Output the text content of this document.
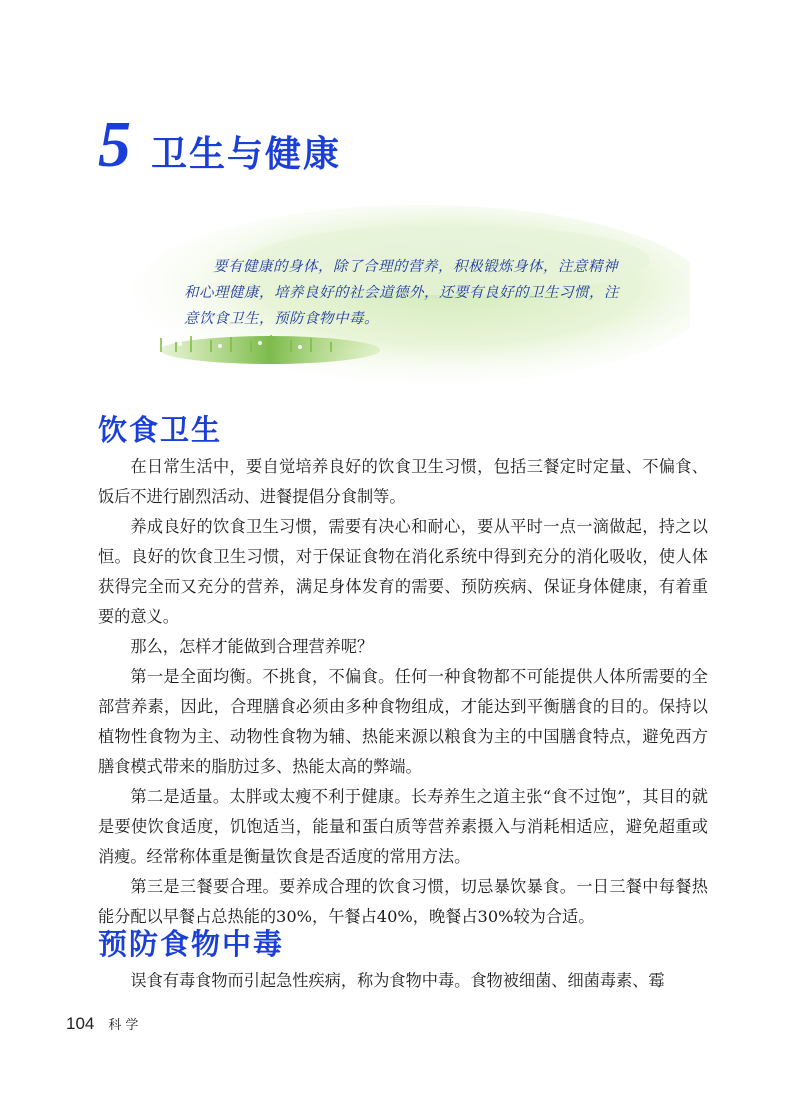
5 卫生与健康
要有健康的身体，除了合理的营养，积极锻炼身体，注意精神和心理健康，培养良好的社会道德外，还要有良好的卫生习惯，注意饮食卫生，预防食物中毒。
饮食卫生

在日常生活中，要自觉培养良好的饮食卫生习惯，包括三餐定时定量、不偏食、饭后不进行剧烈活动、进餐提倡分食制等。

养成良好的饮食卫生习惯，需要有决心和耐心，要从平时一点一滴做起，持之以恒。良好的饮食卫生习惯，对于保证食物在消化系统中得到充分的消化吸收，使人体获得完全而又充分的营养，满足身体发育的需要、预防疾病、保证身体健康，有着重要的意义。

那么，怎样才能做到合理营养呢？

第一是全面均衡。不挑食，不偏食。任何一种食物都不可能提供人体所需要的全部营养素，因此，合理膳食必须由多种食物组成，才能达到平衡膳食的目的。保持以植物性食物为主、动物性食物为辅、热能来源以粮食为主的中国膳食特点，避免西方膳食模式带来的脂肪过多、热能太高的弊端。

第二是适量。太胖或太瘦不利于健康。长寿养生之道主张“食不过饱”，其目的就是要使饮食适度，饥饱适当，能量和蛋白质等营养素摄入与消耗相适应，避免超重或消瘦。经常称体重是衡量饮食是否适度的常用方法。

第三是三餐要合理。要养成合理的饮食习惯，切忌暴饮暴食。一日三餐中每餐热能分配以早餐占总热能的30%，午餐占40%，晚餐占30%较为合适。

预防食物中毒

误食有毒食物而引起急性疾病，称为食物中毒。食物被细菌、细菌毒素、霉

104 科学
